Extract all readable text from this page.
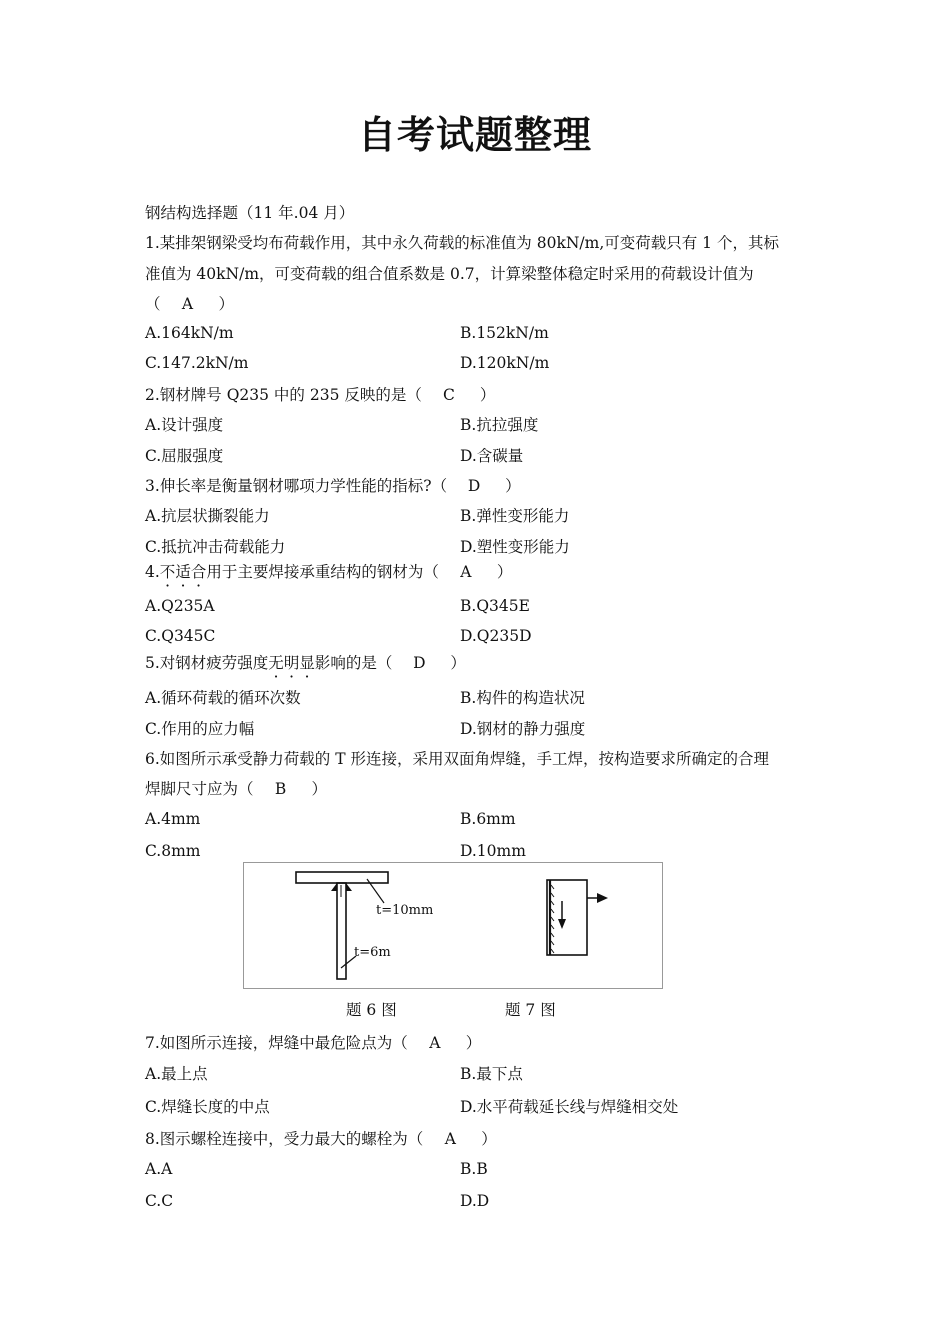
自考试题整理
钢结构选择题（11 年.04 月）
1.某排架钢梁受均布荷载作用，其中永久荷载的标准值为 80kN/m,可变荷载只有 1 个，其标
准值为 40kN/m，可变荷载的组合值系数是 0.7，计算梁整体稳定时采用的荷载设计值为
（ A ）
A.164kN/m	B.152kN/m
C.147.2kN/m	D.120kN/m
2.钢材牌号 Q235 中的 235 反映的是（ C ）
A.设计强度	B.抗拉强度
C.屈服强度	D.含碳量
3.伸长率是衡量钢材哪项力学性能的指标?（ D ）
A.抗层状撕裂能力	B.弹性变形能力
C.抵抗冲击荷载能力	D.塑性变形能力
4.不适合用于主要焊接承重结构的钢材为（ A ）
A.Q235A	B.Q345E
C.Q345C	D.Q235D
5.对钢材疲劳强度无明显影响的是（ D ）
A.循环荷载的循环次数	B.构件的构造状况
C.作用的应力幅	D.钢材的静力强度
6.如图所示承受静力荷载的 T 形连接，采用双面角焊缝，手工焊，按构造要求所确定的合理
焊脚尺寸应为（ B ）
A.4mm	B.6mm
C.8mm	D.10mm
t=10mm
t=6m
题 6 图	题 7 图
7.如图所示连接，焊缝中最危险点为（ A ）
A.最上点	B.最下点
C.焊缝长度的中点	D.水平荷载延长线与焊缝相交处
8.图示螺栓连接中，受力最大的螺栓为（ A ）
A.A	B.B
C.C	D.D
